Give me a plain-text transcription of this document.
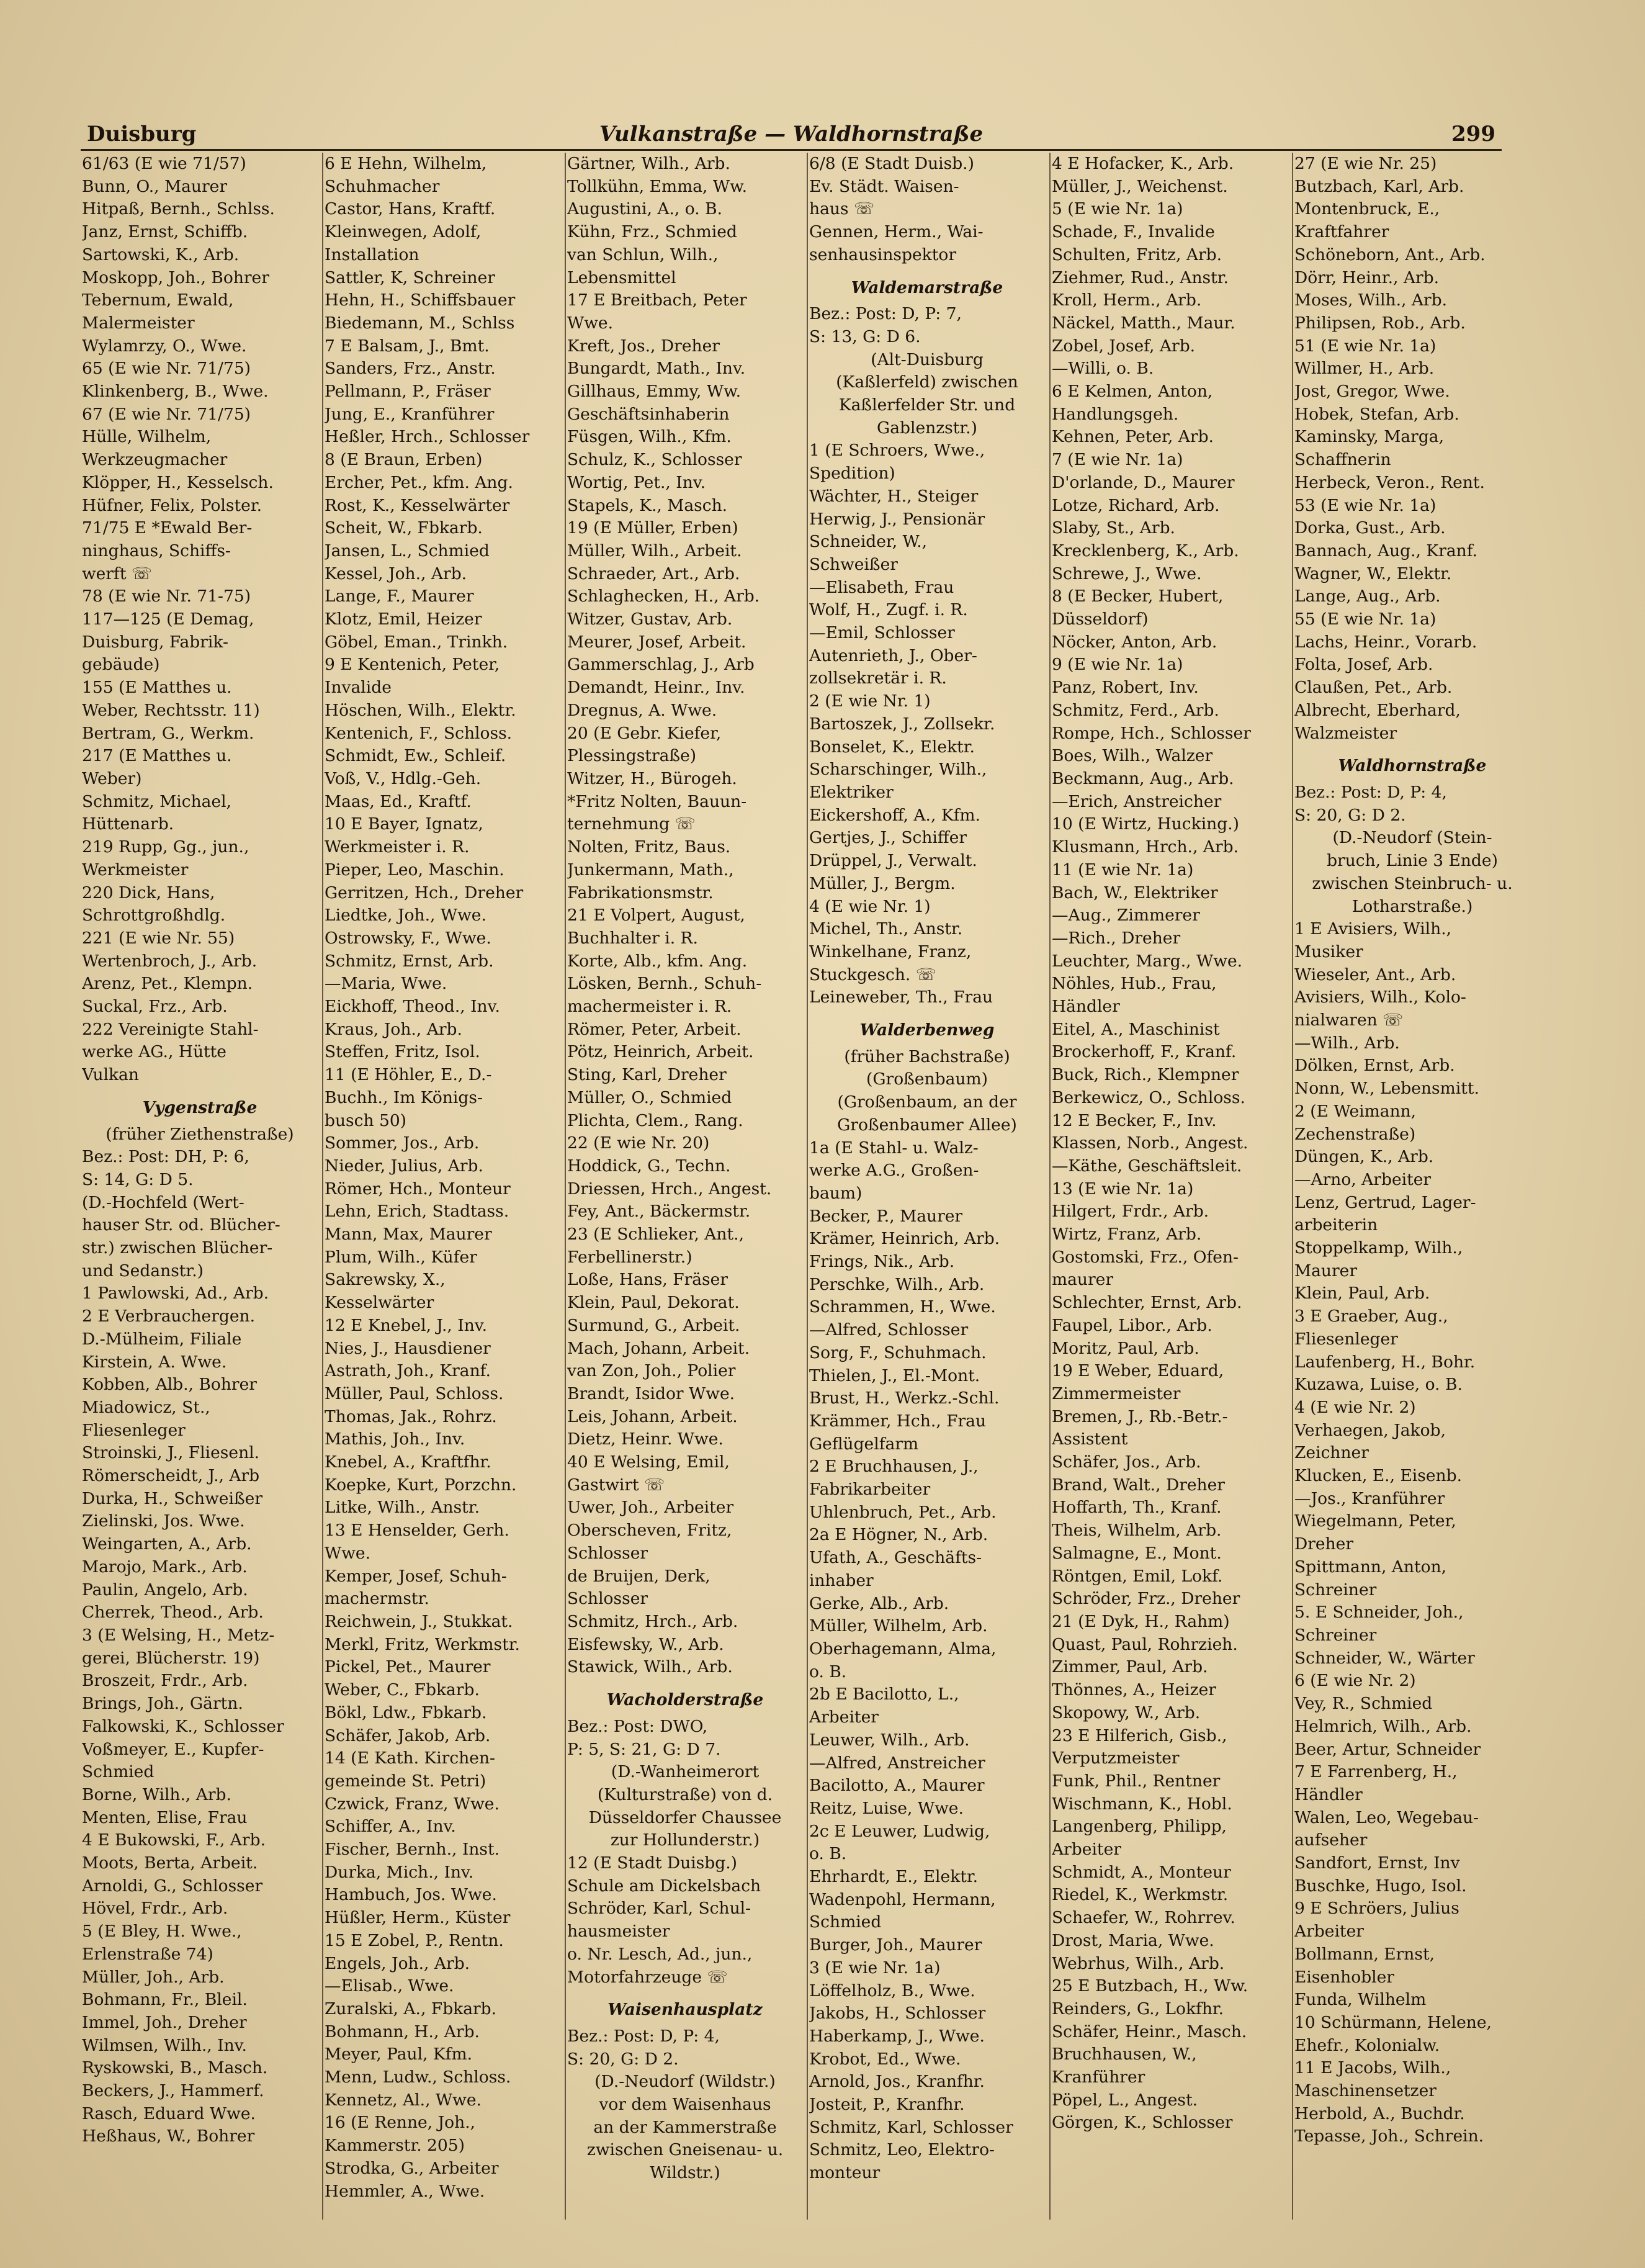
Duisburg	Vulkanstraße — Waldhornstraße	299
61/63 (E wie 71/57)
Bunn, O., Maurer
Hitpaß, Bernh., Schlss.
Janz, Ernst, Schiffb.
Sartowski, K., Arb.
Moskopp, Joh., Bohrer
Tebernum, Ewald,
Malermeister
Wylamrzy, O., Wwe.
65 (E wie Nr. 71/75)
Klinkenberg, B., Wwe.
67 (E wie Nr. 71/75)
Hülle, Wilhelm,
Werkzeugmacher
Klöpper, H., Kesselsch.
Hüfner, Felix, Polster.
71/75 E *Ewald Ber-
ninghaus, Schiffs-
werft ☏
78 (E wie Nr. 71-75)
117—125 (E Demag,
Duisburg, Fabrik-
gebäude)
155 (E Matthes u.
Weber, Rechtsstr. 11)
Bertram, G., Werkm.
217 (E Matthes u.
Weber)
Schmitz, Michael,
Hüttenarb.
219 Rupp, Gg., jun.,
Werkmeister
220 Dick, Hans,
Schrottgroßhdlg.
221 (E wie Nr. 55)
Wertenbroch, J., Arb.
Arenz, Pet., Klempn.
Suckal, Frz., Arb.
222 Vereinigte Stahl-
werke AG., Hütte
Vulkan
Vygenstraße
(früher Ziethenstraße)
Bez.: Post: DH, P: 6,
S: 14, G: D 5.
(D.-Hochfeld (Wert-
hauser Str. od. Blücher-
str.) zwischen Blücher-
und Sedanstr.)
1 Pawlowski, Ad., Arb.
2 E Verbrauchergen.
D.-Mülheim, Filiale
Kirstein, A. Wwe.
Kobben, Alb., Bohrer
Miadowicz, St.,
Fliesenleger
Stroinski, J., Fliesenl.
Römerscheidt, J., Arb
Durka, H., Schweißer
Zielinski, Jos. Wwe.
Weingarten, A., Arb.
Marojo, Mark., Arb.
Paulin, Angelo, Arb.
Cherrek, Theod., Arb.
3 (E Welsing, H., Metz-
gerei, Blücherstr. 19)
Broszeit, Frdr., Arb.
Brings, Joh., Gärtn.
Falkowski, K., Schlosser
Voßmeyer, E., Kupfer-
Schmied
Borne, Wilh., Arb.
Menten, Elise, Frau
4 E Bukowski, F., Arb.
Moots, Berta, Arbeit.
Arnoldi, G., Schlosser
Hövel, Frdr., Arb.
5 (E Bley, H. Wwe.,
Erlenstraße 74)
Müller, Joh., Arb.
Bohmann, Fr., Bleil.
Immel, Joh., Dreher
Wilmsen, Wilh., Inv.
Ryskowski, B., Masch.
Beckers, J., Hammerf.
Rasch, Eduard Wwe.
Heßhaus, W., Bohrer
6 E Hehn, Wilhelm,
Schuhmacher
Castor, Hans, Kraftf.
Kleinwegen, Adolf,
Installation
Sattler, K, Schreiner
Hehn, H., Schiffsbauer
Biedemann, M., Schlss
7 E Balsam, J., Bmt.
Sanders, Frz., Anstr.
Pellmann, P., Fräser
Jung, E., Kranführer
Heßler, Hrch., Schlosser
8 (E Braun, Erben)
Ercher, Pet., kfm. Ang.
Rost, K., Kesselwärter
Scheit, W., Fbkarb.
Jansen, L., Schmied
Kessel, Joh., Arb.
Lange, F., Maurer
Klotz, Emil, Heizer
Göbel, Eman., Trinkh.
9 E Kentenich, Peter,
Invalide
Höschen, Wilh., Elektr.
Kentenich, F., Schloss.
Schmidt, Ew., Schleif.
Voß, V., Hdlg.-Geh.
Maas, Ed., Kraftf.
10 E Bayer, Ignatz,
Werkmeister i. R.
Pieper, Leo, Maschin.
Gerritzen, Hch., Dreher
Liedtke, Joh., Wwe.
Ostrowsky, F., Wwe.
Schmitz, Ernst, Arb.
—Maria, Wwe.
Eickhoff, Theod., Inv.
Kraus, Joh., Arb.
Steffen, Fritz, Isol.
11 (E Höhler, E., D.-
Buchh., Im Königs-
busch 50)
Sommer, Jos., Arb.
Nieder, Julius, Arb.
Römer, Hch., Monteur
Lehn, Erich, Stadtass.
Mann, Max, Maurer
Plum, Wilh., Küfer
Sakrewsky, X.,
Kesselwärter
12 E Knebel, J., Inv.
Nies, J., Hausdiener
Astrath, Joh., Kranf.
Müller, Paul, Schloss.
Thomas, Jak., Rohrz.
Mathis, Joh., Inv.
Knebel, A., Kraftfhr.
Koepke, Kurt, Porzchn.
Litke, Wilh., Anstr.
13 E Henselder, Gerh.
Wwe.
Kemper, Josef, Schuh-
machermstr.
Reichwein, J., Stukkat.
Merkl, Fritz, Werkmstr.
Pickel, Pet., Maurer
Weber, C., Fbkarb.
Bökl, Ldw., Fbkarb.
Schäfer, Jakob, Arb.
14 (E Kath. Kirchen-
gemeinde St. Petri)
Czwick, Franz, Wwe.
Schiffer, A., Inv.
Fischer, Bernh., Inst.
Durka, Mich., Inv.
Hambuch, Jos. Wwe.
Hüßler, Herm., Küster
15 E Zobel, P., Rentn.
Engels, Joh., Arb.
—Elisab., Wwe.
Zuralski, A., Fbkarb.
Bohmann, H., Arb.
Meyer, Paul, Kfm.
Menn, Ludw., Schloss.
Kennetz, Al., Wwe.
16 (E Renne, Joh.,
Kammerstr. 205)
Strodka, G., Arbeiter
Hemmler, A., Wwe.
Gärtner, Wilh., Arb.
Tollkühn, Emma, Ww.
Augustini, A., o. B.
Kühn, Frz., Schmied
van Schlun, Wilh.,
Lebensmittel
17 E Breitbach, Peter
Wwe.
Kreft, Jos., Dreher
Bungardt, Math., Inv.
Gillhaus, Emmy, Ww.
Geschäftsinhaberin
Füsgen, Wilh., Kfm.
Schulz, K., Schlosser
Wortig, Pet., Inv.
Stapels, K., Masch.
19 (E Müller, Erben)
Müller, Wilh., Arbeit.
Schraeder, Art., Arb.
Schlaghecken, H., Arb.
Witzer, Gustav, Arb.
Meurer, Josef, Arbeit.
Gammerschlag, J., Arb
Demandt, Heinr., Inv.
Dregnus, A. Wwe.
20 (E Gebr. Kiefer,
Plessingstraße)
Witzer, H., Bürogeh.
*Fritz Nolten, Bauun-
ternehmung ☏
Nolten, Fritz, Baus.
Junkermann, Math.,
Fabrikationsmstr.
21 E Volpert, August,
Buchhalter i. R.
Korte, Alb., kfm. Ang.
Lösken, Bernh., Schuh-
machermeister i. R.
Römer, Peter, Arbeit.
Pötz, Heinrich, Arbeit.
Sting, Karl, Dreher
Müller, O., Schmied
Plichta, Clem., Rang.
22 (E wie Nr. 20)
Hoddick, G., Techn.
Driessen, Hrch., Angest.
Fey, Ant., Bäckermstr.
23 (E Schlieker, Ant.,
Ferbellinerstr.)
Loße, Hans, Fräser
Klein, Paul, Dekorat.
Surmund, G., Arbeit.
Mach, Johann, Arbeit.
van Zon, Joh., Polier
Brandt, Isidor Wwe.
Leis, Johann, Arbeit.
Dietz, Heinr. Wwe.
40 E Welsing, Emil,
Gastwirt ☏
Uwer, Joh., Arbeiter
Oberscheven, Fritz,
Schlosser
de Bruijen, Derk,
Schlosser
Schmitz, Hrch., Arb.
Eisfewsky, W., Arb.
Stawick, Wilh., Arb.
Wacholderstraße
Bez.: Post: DWO,
P: 5, S: 21, G: D 7.
(D.-Wanheimerort
(Kulturstraße) von d.
Düsseldorfer Chaussee
zur Hollunderstr.)
12 (E Stadt Duisbg.)
Schule am Dickelsbach
Schröder, Karl, Schul-
hausmeister
o. Nr. Lesch, Ad., jun.,
Motorfahrzeuge ☏
Waisenhausplatz
Bez.: Post: D, P: 4,
S: 20, G: D 2.
(D.-Neudorf (Wildstr.)
vor dem Waisenhaus
an der Kammerstraße
zwischen Gneisenau- u.
Wildstr.)
6/8 (E Stadt Duisb.)
Ev. Städt. Waisen-
haus ☏
Gennen, Herm., Wai-
senhausinspektor
Waldemarstraße
Bez.: Post: D, P: 7,
S: 13, G: D 6.
(Alt-Duisburg
(Kaßlerfeld) zwischen
Kaßlerfelder Str. und
Gablenzstr.)
1 (E Schroers, Wwe.,
Spedition)
Wächter, H., Steiger
Herwig, J., Pensionär
Schneider, W.,
Schweißer
—Elisabeth, Frau
Wolf, H., Zugf. i. R.
—Emil, Schlosser
Autenrieth, J., Ober-
zollsekretär i. R.
2 (E wie Nr. 1)
Bartoszek, J., Zollsekr.
Bonselet, K., Elektr.
Scharschinger, Wilh.,
Elektriker
Eickershoff, A., Kfm.
Gertjes, J., Schiffer
Drüppel, J., Verwalt.
Müller, J., Bergm.
4 (E wie Nr. 1)
Michel, Th., Anstr.
Winkelhane, Franz,
Stuckgesch. ☏
Leineweber, Th., Frau
Walderbenweg
(früher Bachstraße)
(Großenbaum)
(Großenbaum, an der
Großenbaumer Allee)
1a (E Stahl- u. Walz-
werke A.G., Großen-
baum)
Becker, P., Maurer
Krämer, Heinrich, Arb.
Frings, Nik., Arb.
Perschke, Wilh., Arb.
Schrammen, H., Wwe.
—Alfred, Schlosser
Sorg, F., Schuhmach.
Thielen, J., El.-Mont.
Brust, H., Werkz.-Schl.
Krämmer, Hch., Frau
Geflügelfarm
2 E Bruchhausen, J.,
Fabrikarbeiter
Uhlenbruch, Pet., Arb.
2a E Högner, N., Arb.
Ufath, A., Geschäfts-
inhaber
Gerke, Alb., Arb.
Müller, Wilhelm, Arb.
Oberhagemann, Alma,
o. B.
2b E Bacilotto, L.,
Arbeiter
Leuwer, Wilh., Arb.
—Alfred, Anstreicher
Bacilotto, A., Maurer
Reitz, Luise, Wwe.
2c E Leuwer, Ludwig,
o. B.
Ehrhardt, E., Elektr.
Wadenpohl, Hermann,
Schmied
Burger, Joh., Maurer
3 (E wie Nr. 1a)
Löffelholz, B., Wwe.
Jakobs, H., Schlosser
Haberkamp, J., Wwe.
Krobot, Ed., Wwe.
Arnold, Jos., Kranfhr.
Josteit, P., Kranfhr.
Schmitz, Karl, Schlosser
Schmitz, Leo, Elektro-
monteur
4 E Hofacker, K., Arb.
Müller, J., Weichenst.
5 (E wie Nr. 1a)
Schade, F., Invalide
Schulten, Fritz, Arb.
Ziehmer, Rud., Anstr.
Kroll, Herm., Arb.
Näckel, Matth., Maur.
Zobel, Josef, Arb.
—Willi, o. B.
6 E Kelmen, Anton,
Handlungsgeh.
Kehnen, Peter, Arb.
7 (E wie Nr. 1a)
D'orlande, D., Maurer
Lotze, Richard, Arb.
Slaby, St., Arb.
Krecklenberg, K., Arb.
Schrewe, J., Wwe.
8 (E Becker, Hubert,
Düsseldorf)
Nöcker, Anton, Arb.
9 (E wie Nr. 1a)
Panz, Robert, Inv.
Schmitz, Ferd., Arb.
Rompe, Hch., Schlosser
Boes, Wilh., Walzer
Beckmann, Aug., Arb.
—Erich, Anstreicher
10 (E Wirtz, Hucking.)
Klusmann, Hrch., Arb.
11 (E wie Nr. 1a)
Bach, W., Elektriker
—Aug., Zimmerer
—Rich., Dreher
Leuchter, Marg., Wwe.
Nöhles, Hub., Frau,
Händler
Eitel, A., Maschinist
Brockerhoff, F., Kranf.
Buck, Rich., Klempner
Berkewicz, O., Schloss.
12 E Becker, F., Inv.
Klassen, Norb., Angest.
—Käthe, Geschäftsleit.
13 (E wie Nr. 1a)
Hilgert, Frdr., Arb.
Wirtz, Franz, Arb.
Gostomski, Frz., Ofen-
maurer
Schlechter, Ernst, Arb.
Faupel, Libor., Arb.
Moritz, Paul, Arb.
19 E Weber, Eduard,
Zimmermeister
Bremen, J., Rb.-Betr.-
Assistent
Schäfer, Jos., Arb.
Brand, Walt., Dreher
Hoffarth, Th., Kranf.
Theis, Wilhelm, Arb.
Salmagne, E., Mont.
Röntgen, Emil, Lokf.
Schröder, Frz., Dreher
21 (E Dyk, H., Rahm)
Quast, Paul, Rohrzieh.
Zimmer, Paul, Arb.
Thönnes, A., Heizer
Skopowy, W., Arb.
23 E Hilferich, Gisb.,
Verputzmeister
Funk, Phil., Rentner
Wischmann, K., Hobl.
Langenberg, Philipp,
Arbeiter
Schmidt, A., Monteur
Riedel, K., Werkmstr.
Schaefer, W., Rohrrev.
Drost, Maria, Wwe.
Webrhus, Wilh., Arb.
25 E Butzbach, H., Ww.
Reinders, G., Lokfhr.
Schäfer, Heinr., Masch.
Bruchhausen, W.,
Kranführer
Pöpel, L., Angest.
Görgen, K., Schlosser
27 (E wie Nr. 25)
Butzbach, Karl, Arb.
Montenbruck, E.,
Kraftfahrer
Schöneborn, Ant., Arb.
Dörr, Heinr., Arb.
Moses, Wilh., Arb.
Philipsen, Rob., Arb.
51 (E wie Nr. 1a)
Willmer, H., Arb.
Jost, Gregor, Wwe.
Hobek, Stefan, Arb.
Kaminsky, Marga,
Schaffnerin
Herbeck, Veron., Rent.
53 (E wie Nr. 1a)
Dorka, Gust., Arb.
Bannach, Aug., Kranf.
Wagner, W., Elektr.
Lange, Aug., Arb.
55 (E wie Nr. 1a)
Lachs, Heinr., Vorarb.
Folta, Josef, Arb.
Claußen, Pet., Arb.
Albrecht, Eberhard,
Walzmeister
Waldhornstraße
Bez.: Post: D, P: 4,
S: 20, G: D 2.
(D.-Neudorf (Stein-
bruch, Linie 3 Ende)
zwischen Steinbruch- u.
Lotharstraße.)
1 E Avisiers, Wilh.,
Musiker
Wieseler, Ant., Arb.
Avisiers, Wilh., Kolo-
nialwaren ☏
—Wilh., Arb.
Dölken, Ernst, Arb.
Nonn, W., Lebensmitt.
2 (E Weimann,
Zechenstraße)
Düngen, K., Arb.
—Arno, Arbeiter
Lenz, Gertrud, Lager-
arbeiterin
Stoppelkamp, Wilh.,
Maurer
Klein, Paul, Arb.
3 E Graeber, Aug.,
Fliesenleger
Laufenberg, H., Bohr.
Kuzawa, Luise, o. B.
4 (E wie Nr. 2)
Verhaegen, Jakob,
Zeichner
Klucken, E., Eisenb.
—Jos., Kranführer
Wiegelmann, Peter,
Dreher
Spittmann, Anton,
Schreiner
5. E Schneider, Joh.,
Schreiner
Schneider, W., Wärter
6 (E wie Nr. 2)
Vey, R., Schmied
Helmrich, Wilh., Arb.
Beer, Artur, Schneider
7 E Farrenberg, H.,
Händler
Walen, Leo, Wegebau-
aufseher
Sandfort, Ernst, Inv
Buschke, Hugo, Isol.
9 E Schröers, Julius
Arbeiter
Bollmann, Ernst,
Eisenhobler
Funda, Wilhelm
10 Schürmann, Helene,
Ehefr., Kolonialw.
11 E Jacobs, Wilh.,
Maschinensetzer
Herbold, A., Buchdr.
Tepasse, Joh., Schrein.
